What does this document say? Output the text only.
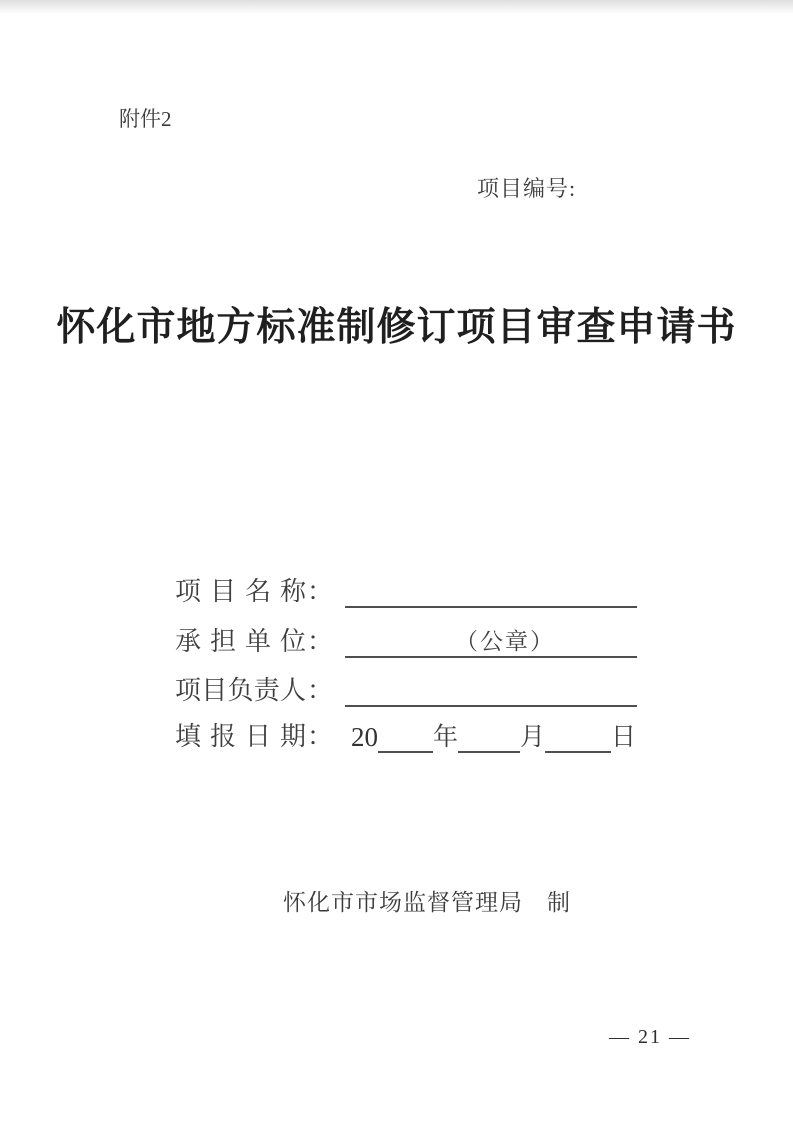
附件2
项目编号:
怀化市地方标准制修订项目审查申请书
项目名称 ：
承担单位 ：	（公章）
项目负责人 ：
填报日期 ： 20 年 月	日
怀化市市场监督管理局　制
— 21 —
